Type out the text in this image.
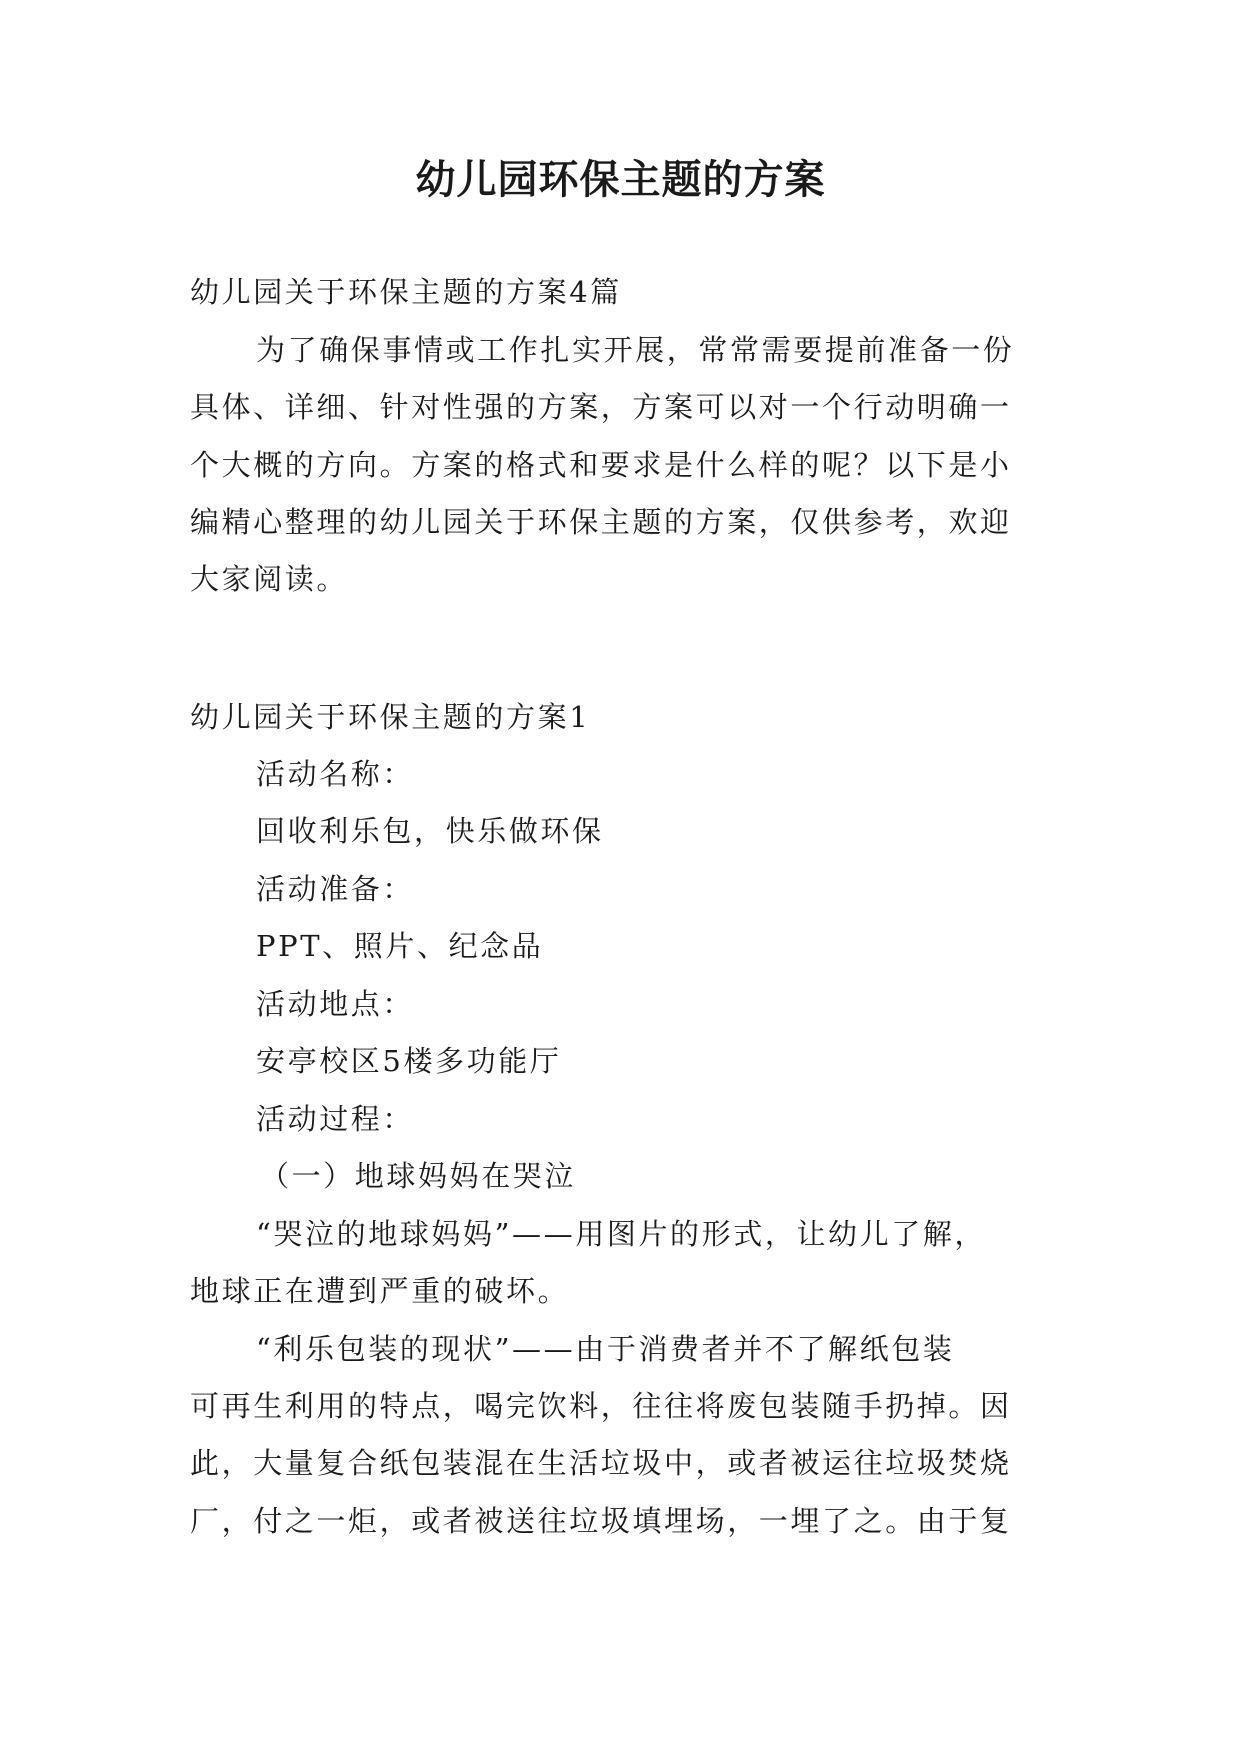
幼儿园环保主题的方案

幼儿园关于环保主题的方案4篇

为了确保事情或工作扎实开展，常常需要提前准备一份

具体、详细、针对性强的方案，方案可以对一个行动明确一

个大概的方向。方案的格式和要求是什么样的呢？以下是小

编精心整理的幼儿园关于环保主题的方案，仅供参考，欢迎

大家阅读。

幼儿园关于环保主题的方案1

活动名称：

回收利乐包，快乐做环保

活动准备：

PPT、照片、纪念品

活动地点：

安亭校区5楼多功能厅

活动过程：

（一）地球妈妈在哭泣

“哭泣的地球妈妈”——用图片的形式，让幼儿了解，

地球正在遭到严重的破坏。

“利乐包装的现状”——由于消费者并不了解纸包装

可再生利用的特点，喝完饮料，往往将废包装随手扔掉。因

此，大量复合纸包装混在生活垃圾中，或者被运往垃圾焚烧

厂，付之一炬，或者被送往垃圾填埋场，一埋了之。由于复
